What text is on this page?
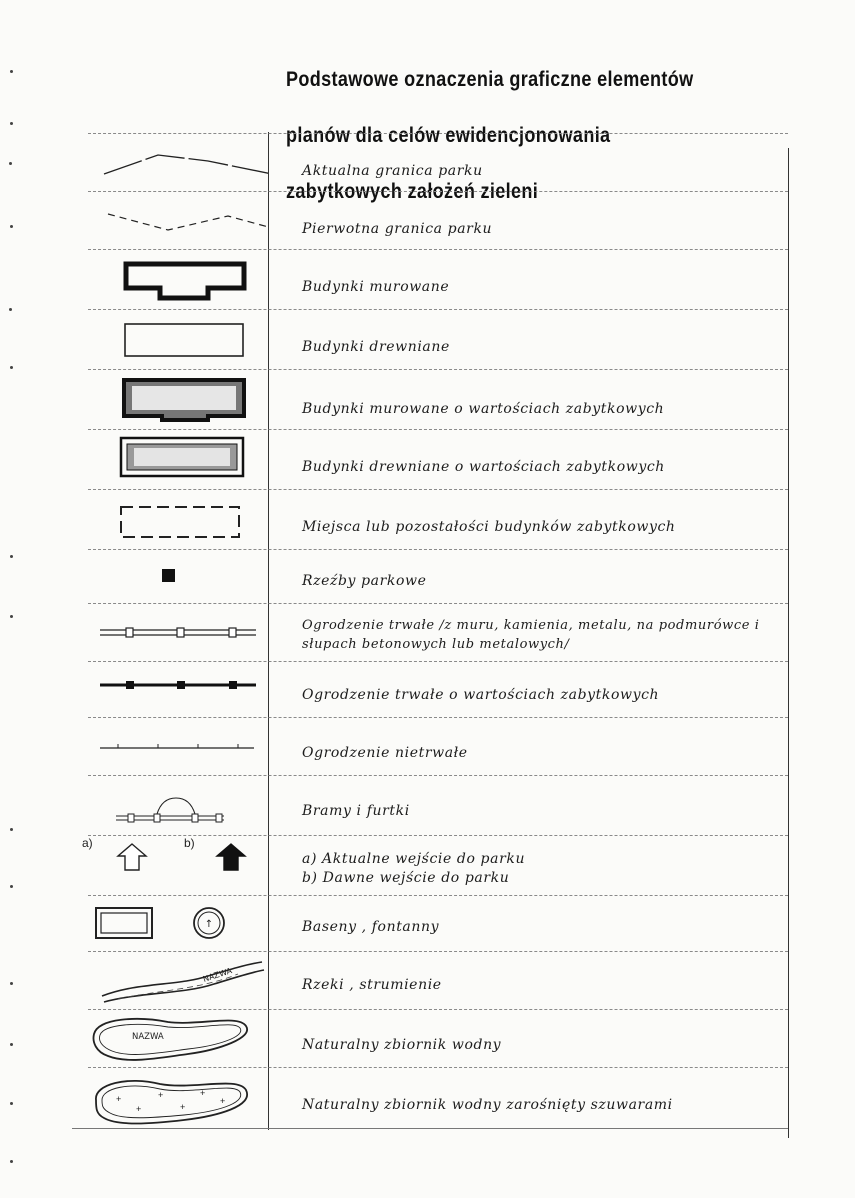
Podstawowe oznaczenia graficzne elementów

planów dla celów ewidencjonowania

zabytkowych założeń zieleni

Aktualna granica parku
Pierwotna granica parku
Budynki murowane
Budynki drewniane
Budynki murowane o wartościach zabytkowych
Budynki drewniane o wartościach zabytkowych
Miejsca lub pozostałości budynków zabytkowych
Rzeźby parkowe
Ogrodzenie trwałe /z muru, kamienia, metalu, na podmurówce i słupach betonowych lub metalowych/
Ogrodzenie trwałe o wartościach zabytkowych
Ogrodzenie nietrwałe
Bramy i furtki
a)	b)
a) Aktualne wejście do parku
b) Dawne wejście do parku
↑	Baseny , fontanny
NAZWA
Rzeki , strumienie
NAZWA	Naturalny zbiornik wodny
+
+
+
+
+
+	Naturalny zbiornik wodny zarośnięty szuwarami
